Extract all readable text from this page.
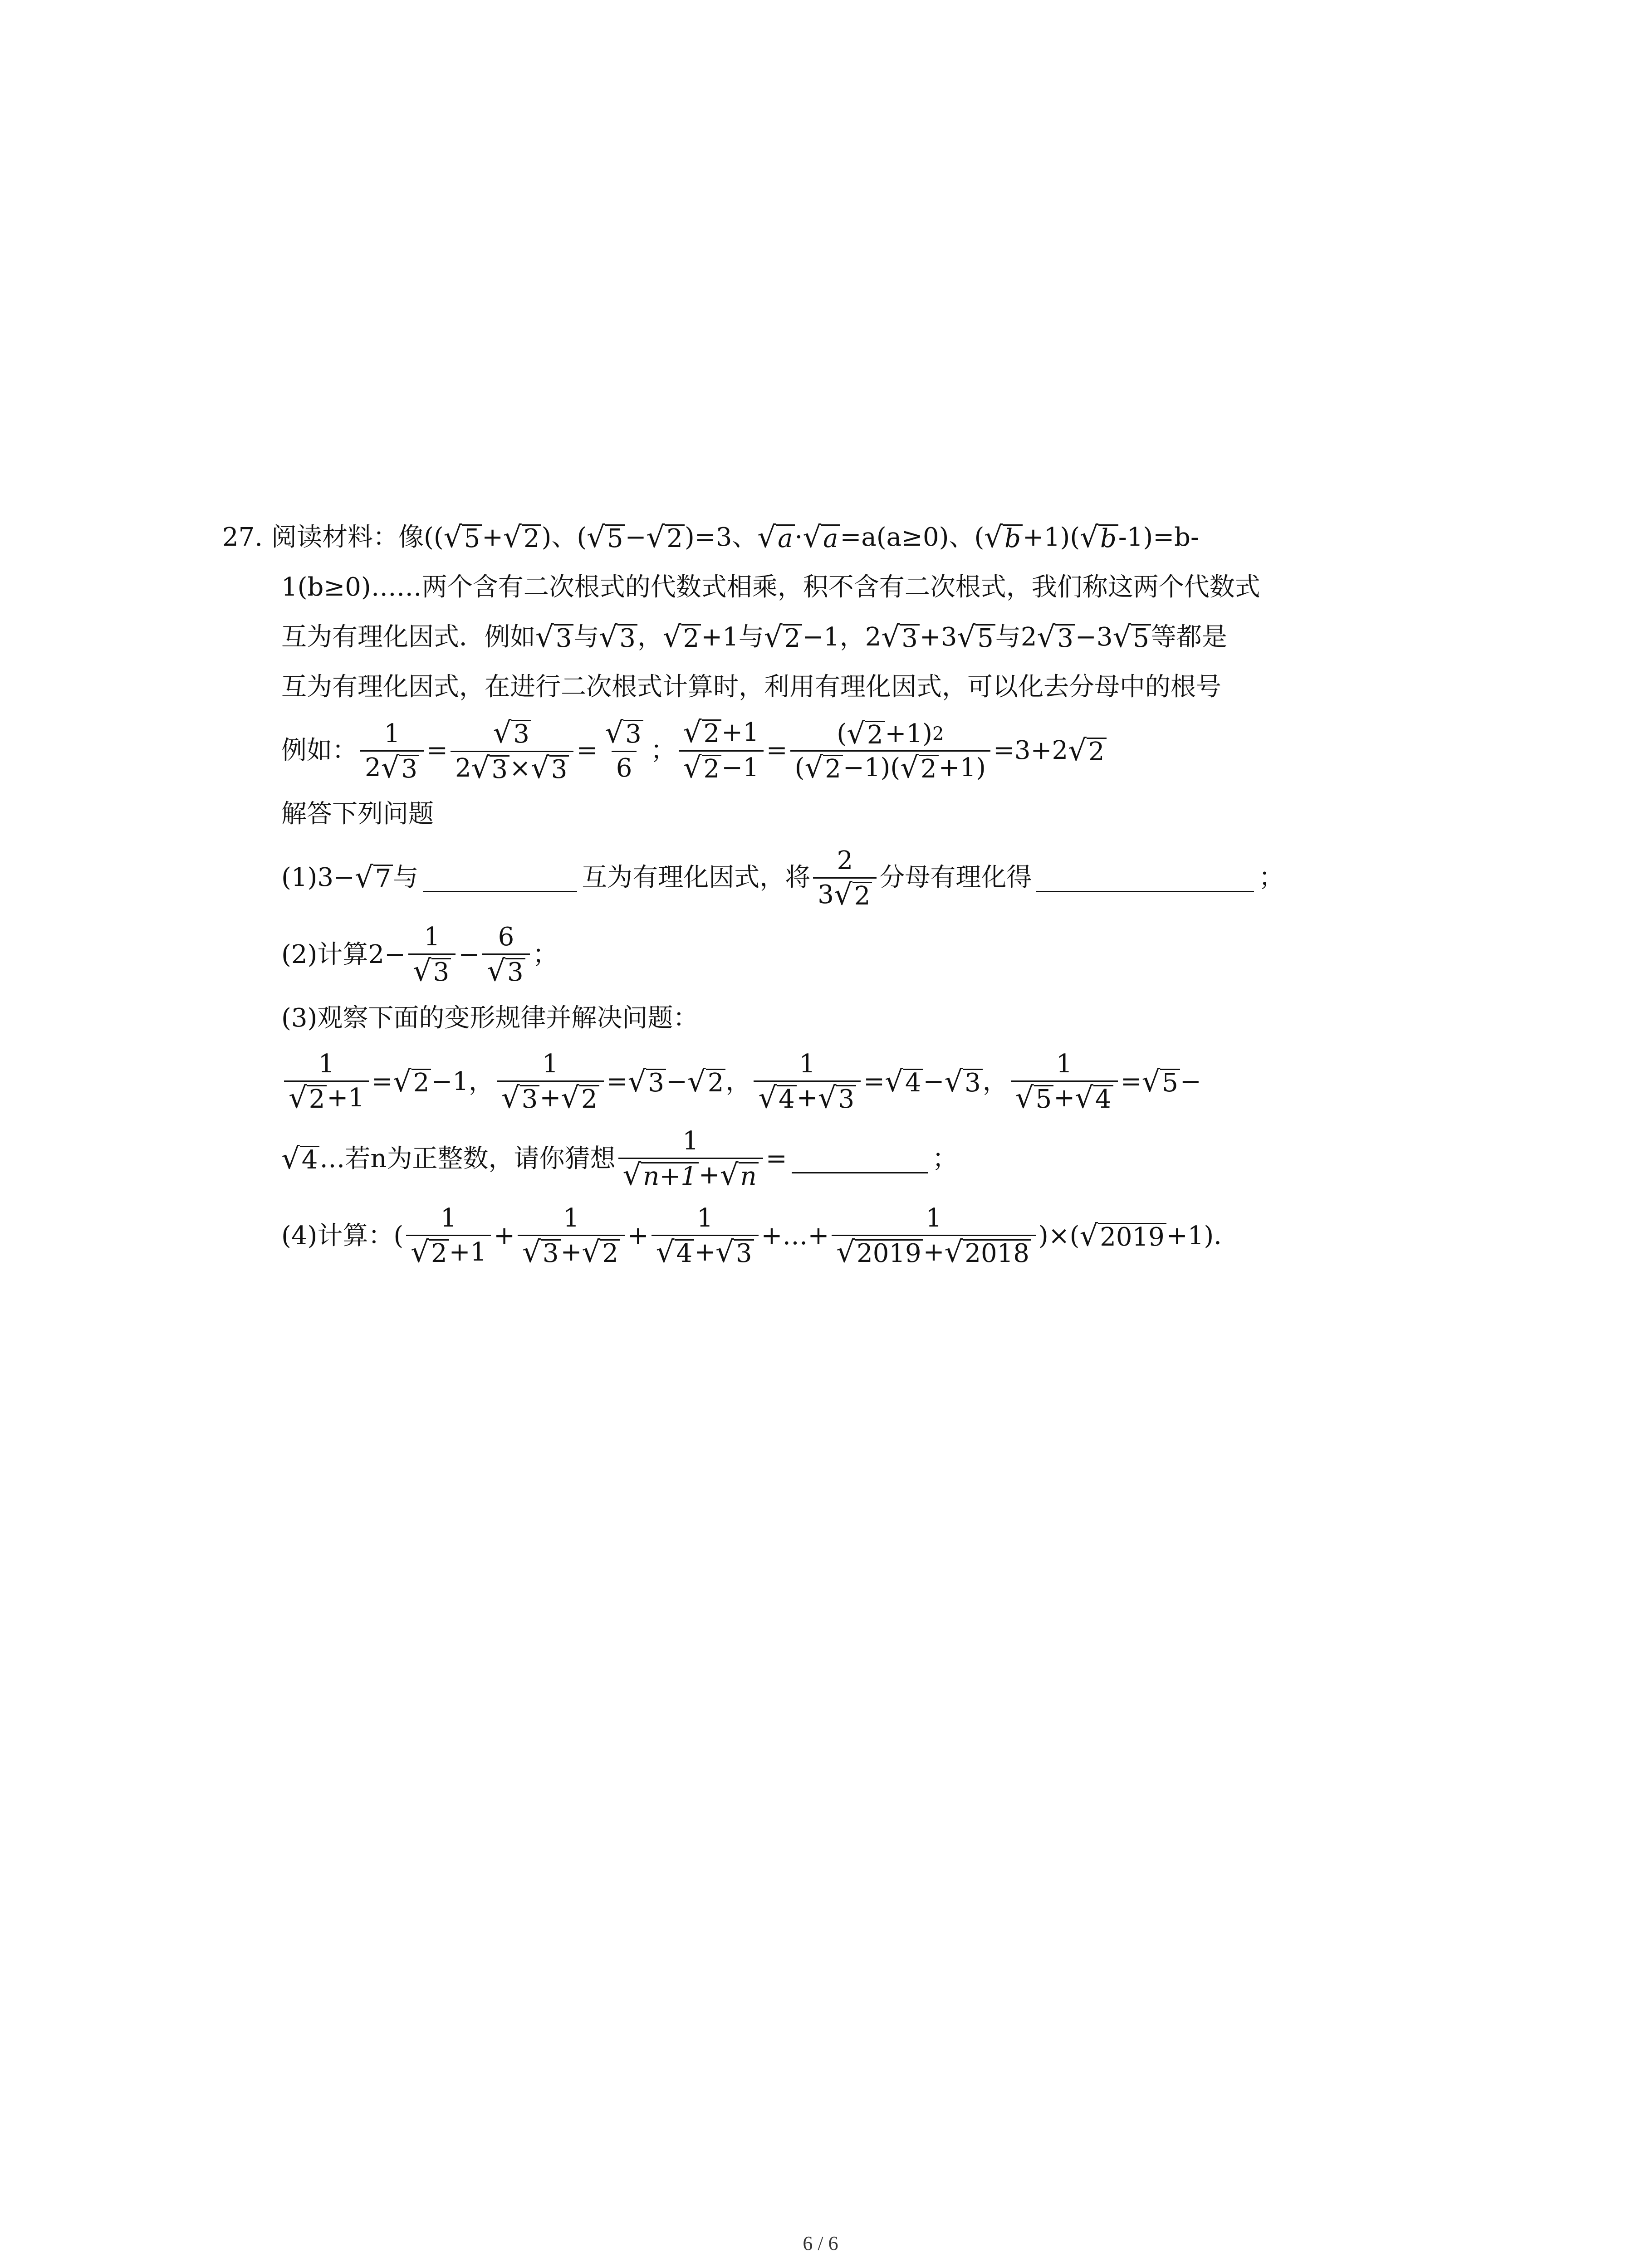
27. 阅读材料：像(( √ 5 + √ 2 )、( √ 5 − √ 2 )=3、 √ a · √ a =a(a≥0)、( √ b +1)( √ b -1)=b-
1(b≥0)……两个含有二次根式的代数式相乘，积不含有二次根式，我们称这两个代数式
互为有理化因式．例如 √ 3 与 √ 3 ， √ 2 +1与 √ 2 −1，2 √ 3 +3 √ 5 与2 √ 3 −3 √ 5 等都是
互为有理化因式，在进行二次根式计算时，利用有理化因式，可以化去分母中的根号
例如： $\frac{1}{2 √ 3} = \frac{√ 3}{2 √ 3 \times √ 3} = \frac{√ 3}{6}$ ； $\frac{√ 2 +1}{√ 2 -1} = \frac{( √ 2 +1) 2}{( √ 2 -1)( √ 2 +1)} =3+2$ √ 2
解答下列问题
(1)3− √ 7 与	互为有理化因式，将 $\frac{2}{3 √ 2}$ 分母有理化得	；
(2)计算$2- \frac{1}{√ 3} - \frac{6}{√ 3}$ ；
(3)观察下面的变形规律并解决问题：
$\frac{1}{√ 2 +1}$ = √ 2 −1 ， $\frac{1}{√ 3 + √ 2}$ = √ 3 − √ 2 ， $\frac{1}{√ 4 + √ 3}$ = √ 4 − √ 3 ， $\frac{1}{√ 5 + √ 4}$ = √ 5 −
√ 4 …若n为正整数，请你猜想 $\frac{1}{√ n+1 + √ n}$ =	；
(4)计算：( $\frac{1}{√ 2 +1} + \frac{1}{√ 3 + √ 2} + \frac{1}{√ 4 + √ 3}$ +…+ $\frac{1}{√ 2019 + √ 2018}$ )×( √ 2019 +1)．
6 / 6
